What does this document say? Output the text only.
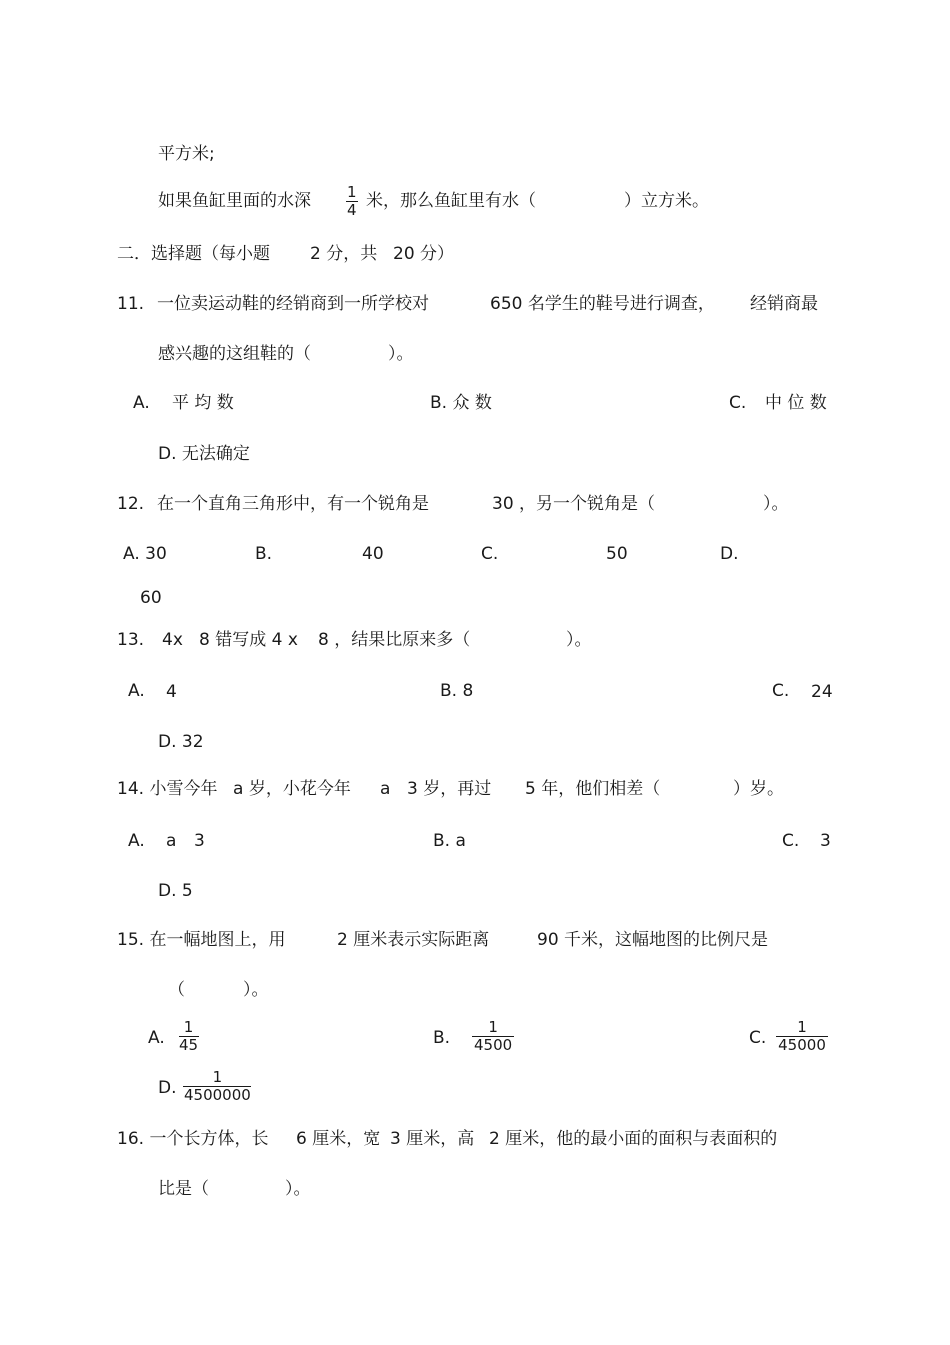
平方米;
如果鱼缸里面的水深 1
4 米，那么鱼缸里有水（	）立方米。
二．选择题（每小题 2 分，共 20 分）
11. 一位卖运动鞋的经销商到一所学校对	650 名学生的鞋号进行调查， 经销商最
感兴趣的这组鞋的（	）。
A. 平 均 数	B. 众 数	C. 中 位 数
D. 无法确定
12. 在一个直角三角形中，有一个锐角是	30 ，另一个锐角是（	）。
A. 30	B.	40	C.	50	D.
60
13. 4x 8 错写成 4 x 8 ，结果比原来多（	）。
A. 4	B. 8	C. 24
D. 32
14. 小雪今年 a 岁，小花今年 a 3 岁，再过 5 年，他们相差（	）岁。
A. a 3	B. a	C. 3
D. 5
15. 在一幅地图上，用	2 厘米表示实际距离	90 千米，这幅地图的比例尺是
（	）。
A.
1
45	B.
1
4500	C.
1
45000
D.
1
4500000
16. 一个长方体，长 6 厘米，宽 3 厘米，高 2 厘米，他的最小面的面积与表面积的
比是（	）。
